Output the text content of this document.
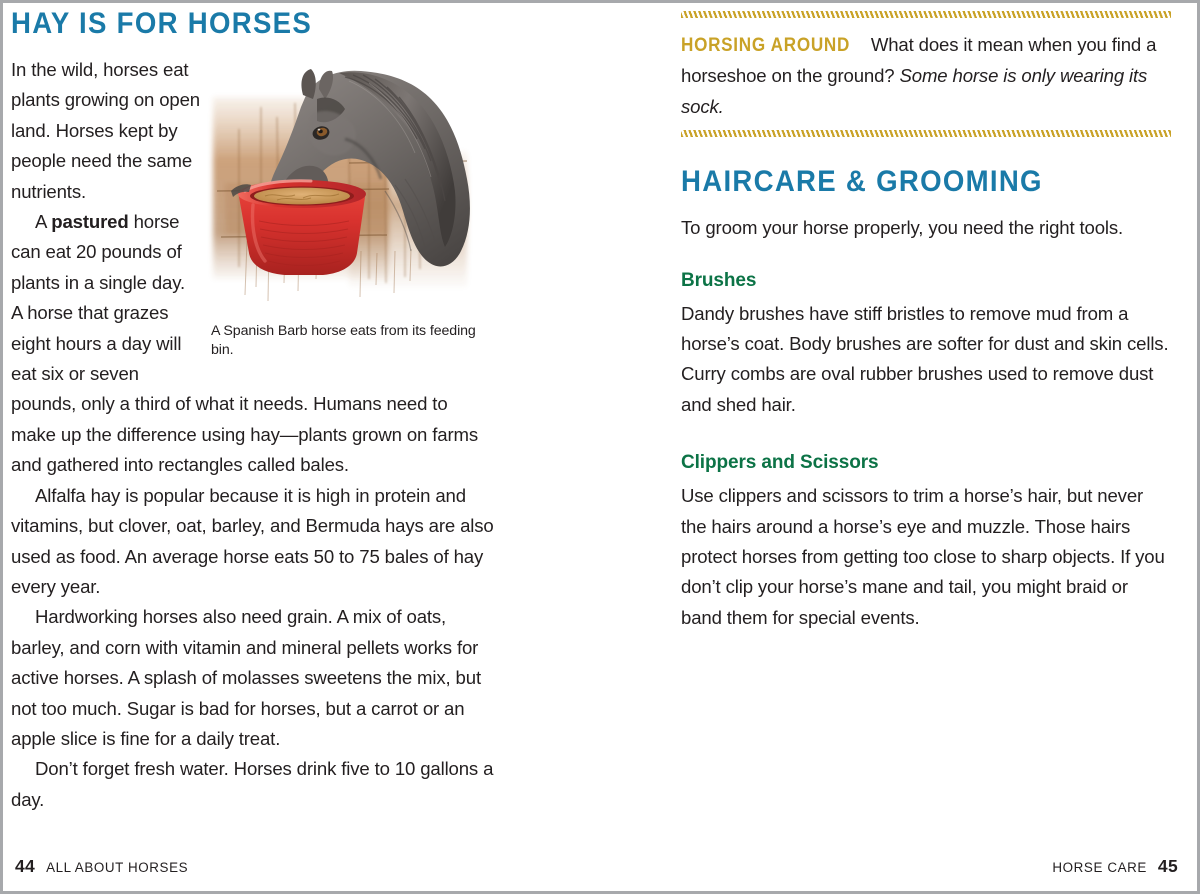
HAY IS FOR HORSES
A Spanish Barb horse eats from its feeding bin.

In the wild, horses eat plants growing on open land. Horses kept by people need the same nutrients.

A pastured horse can eat 20 pounds of plants in a single day. A horse that grazes eight hours a day will eat six or seven pounds, only a third of what it needs. Humans need to make up the difference using hay—plants grown on farms and gathered into rectangles called bales.

Alfalfa hay is popular because it is high in protein and vitamins, but clover, oat, barley, and Bermuda hays are also used as food. An average horse eats 50 to 75 bales of hay every year.

Hardworking horses also need grain. A mix of oats, barley, and corn with vitamin and mineral pellets works for active horses. A splash of molasses sweetens the mix, but not too much. Sugar is bad for horses, but a carrot or an apple slice is fine for a daily treat.

Don’t forget fresh water. Horses drink five to 10 gallons a day.

44 ALL ABOUT HORSES
HORSING AROUND What does it mean when you find a horseshoe on the ground? Some horse is only wearing its sock.
HAIRCARE & GROOMING

To groom your horse properly, you need the right tools.

Brushes

Dandy brushes have stiff bristles to remove mud from a horse’s coat. Body brushes are softer for dust and skin cells. Curry combs are oval rubber brushes used to remove dust and shed hair.

Clippers and Scissors

Use clippers and scissors to trim a horse’s hair, but never the hairs around a horse’s eye and muzzle. Those hairs protect horses from getting too close to sharp objects. If you don’t clip your horse’s mane and tail, you might braid or band them for special events.

HORSE CARE 45
